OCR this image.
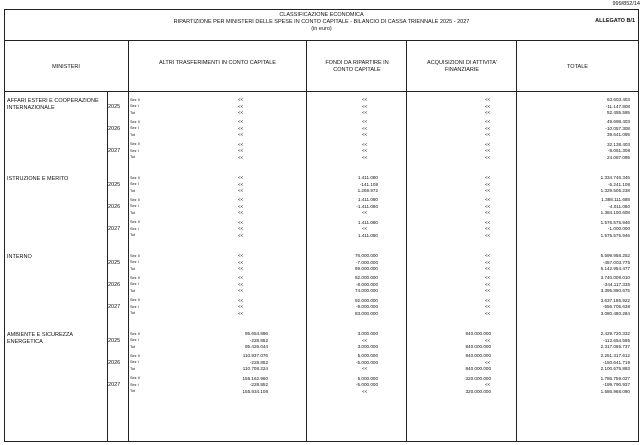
999/852/14
CLASSIFICAZIONE ECONOMICA
RIPARTIZIONE PER MINISTERI DELLE SPESE IN CONTO CAPITALE - BILANCIO DI CASSA TRIENNALE 2025 - 2027
(in euro)
ALLEGATO B/1
MINISTERI
ALTRI TRASFERIMENTI IN CONTO CAPITALE	FONDI DA RIPARTIRE IN CONTO CAPITALE
ACQUISIZIONI DI ATTIVITA' FINANZIARIE	TOTALE
AFFARI ESTERI E COOPERAZIONE INTERNAZIONALE	2025
Sez II	<<	<<	<<	63.603.403
Sez I	<<	<<	<<	-11.147.808
Tot	<<	<<	<<	52.455.595
2026
Sez II	<<	<<	<<	49.698.403
Sez I	<<	<<	<<	-10.057.308
Tot	<<	<<	<<	39.641.095
2027
Sez II	<<	<<	<<	32.138.403
Sez I	<<	<<	<<	-8.051.308
Tot	<<	<<	<<	24.087.095
ISTRUZIONE E MERITO
2025
Sez II	<<	1.411.080	<<	1.334.746.346
Sez I	<<	-141.108	<<	-5.241.108
Tot	<<	1.269.972	<<	1.329.505.238
2026
Sez II	<<	1.411.080	<<	1.388.111.688
Sez I	<<	-1.411.080	<<	-4.011.080
Tot	<<	<<	<<	1.384.100.608
2027
Sez II	<<	1.411.080	<<	1.576.575.946
Sez I	<<	<<	<<	-1.000.000
Tot	<<	1.411.080	<<	1.575.575.946
INTERNO
2025
Sez II	<<	76.000.000	<<	5.599.958.252
Sez I	<<	-7.000.000	<<	-457.003.775
Tot	<<	69.000.000	<<	5.142.954.477
2026
Sez II	<<	82.000.000	<<	3.740.008.010
Sez I	<<	-8.000.000	<<	-344.117.335
Tot	<<	74.000.000	<<	3.395.890.675
2027
Sez II	<<	92.000.000	<<	3.637.185.922
Sez I	<<	-9.000.000	<<	-556.705.638
Tot	<<	83.000.000	<<	3.080.480.284
AMBIENTE E SICUREZZA ENERGETICA	2025
Sez II	95.654.896	3.000.000	840.000.000	2.429.720.332
Sez I	-228.852	<<	<<	-112.654.595
Tot	95.426.044	3.000.000	840.000.000	2.317.065.737
2026
Sez II	110.937.076	5.000.000	840.000.000	2.251.317.612
Sez I	-228.852	-5.000.000	<<	-150.641.719
Tot	110.708.224	<<	840.000.000	2.100.675.893
2027
Sez II	156.162.960	5.000.000	320.000.000	1.786.759.027
Sez I	-228.852	-5.000.000	<<	-199.790.937
Tot	155.934.108	<<	320.000.000	1.586.968.090
